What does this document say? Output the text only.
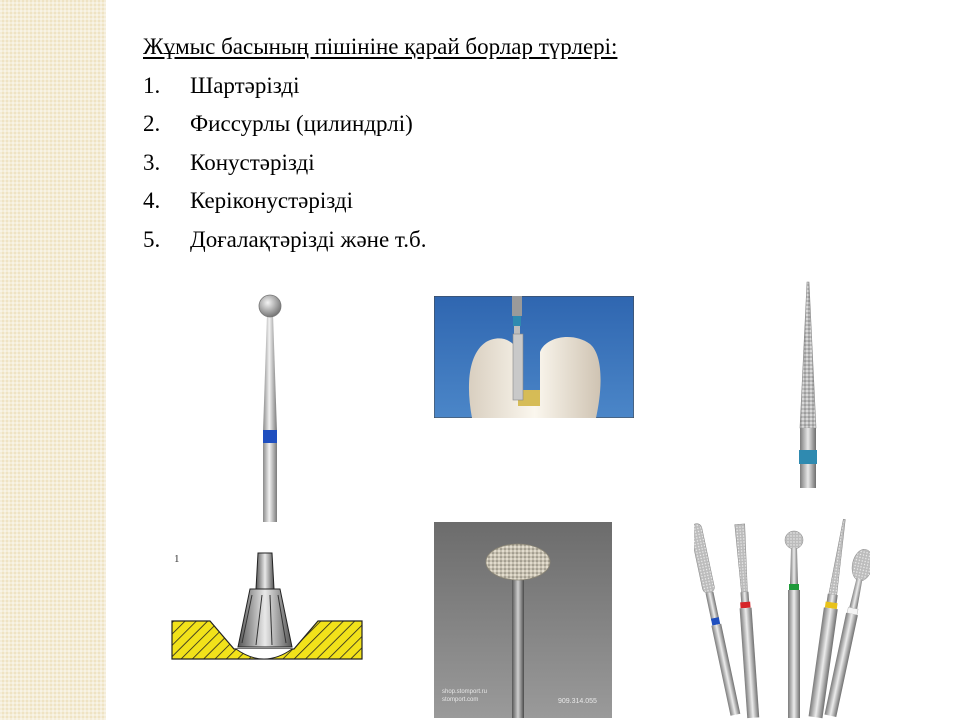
Жұмыс басының пішініне қарай борлар түрлері:
1.	Шартәрізді
2.	Фиссурлы (цилиндрлі)
3.	Конустәрізді
4.	Керіконустәрізді
5.	Доғалақтәрізді және т.б.
1
shop.stomport.ru
stomport.com	909.314.055
